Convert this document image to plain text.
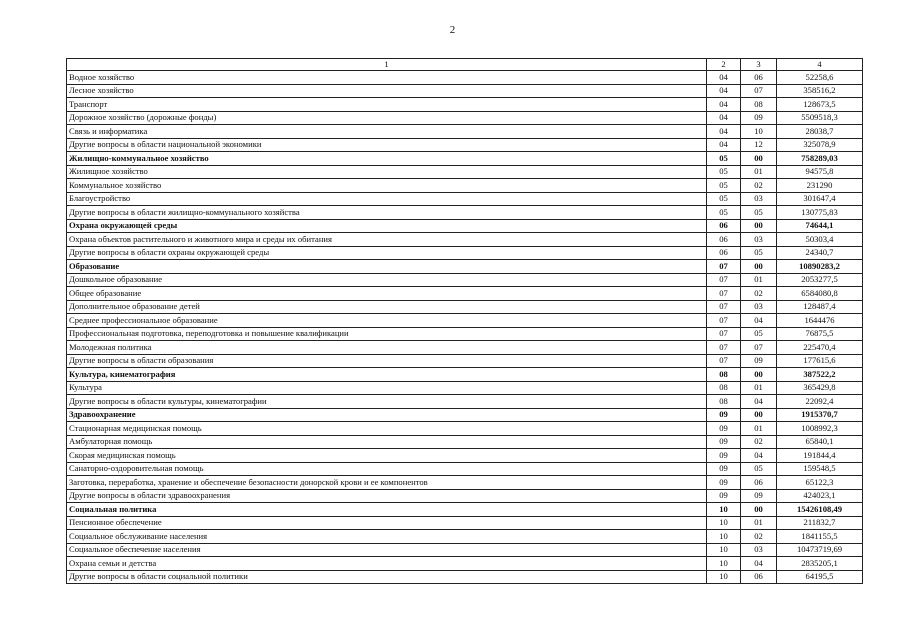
2
1	2	3	4
Водное хозяйство	04	06	52258,6
Лесное хозяйство	04	07	358516,2
Транспорт	04	08	128673,5
Дорожное хозяйство (дорожные фонды)	04	09	5509518,3
Связь и информатика	04	10	28038,7
Другие вопросы в области национальной экономики	04	12	325078,9
Жилищно-коммунальное хозяйство	05	00	758289,03
Жилищное хозяйство	05	01	94575,8
Коммунальное хозяйство	05	02	231290
Благоустройство	05	03	301647,4
Другие вопросы в области жилищно-коммунального хозяйства	05	05	130775,83
Охрана окружающей среды	06	00	74644,1
Охрана объектов растительного и животного мира и среды их обитания	06	03	50303,4
Другие вопросы в области охраны окружающей среды	06	05	24340,7
Образование	07	00	10890283,2
Дошкольное образование	07	01	2053277,5
Общее образование	07	02	6584080,8
Дополнительное образование детей	07	03	128487,4
Среднее профессиональное образование	07	04	1644476
Профессиональная подготовка, переподготовка и повышение квалификации	07	05	76875,5
Молодежная политика	07	07	225470,4
Другие вопросы в области образования	07	09	177615,6
Культура, кинематография	08	00	387522,2
Культура	08	01	365429,8
Другие вопросы в области культуры, кинематографии	08	04	22092,4
Здравоохранение	09	00	1915370,7
Стационарная медицинская помощь	09	01	1008992,3
Амбулаторная помощь	09	02	65840,1
Скорая медицинская помощь	09	04	191844,4
Санаторно-оздоровительная помощь	09	05	159548,5
Заготовка, переработка, хранение и обеспечение безопасности донорской крови и ее компонентов	09	06	65122,3
Другие вопросы в области здравоохранения	09	09	424023,1
Социальная политика	10	00	15426108,49
Пенсионное обеспечение	10	01	211832,7
Социальное обслуживание населения	10	02	1841155,5
Социальное обеспечение населения	10	03	10473719,69
Охрана семьи и детства	10	04	2835205,1
Другие вопросы в области социальной политики	10	06	64195,5
